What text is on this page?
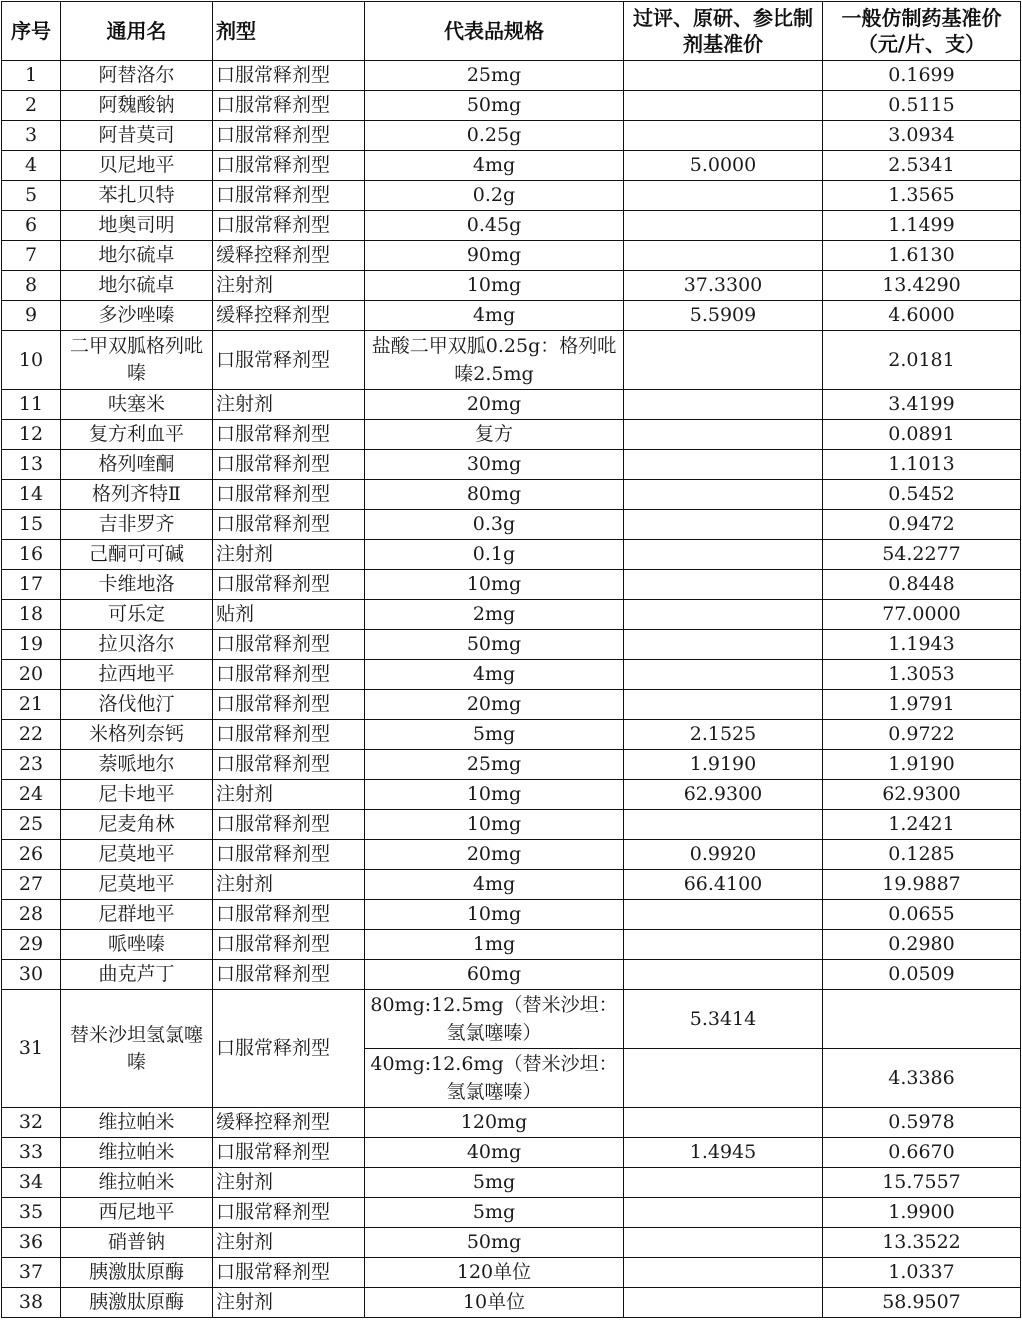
序号	通用名	剂型	代表品规格	过评、原研、参比制剂基准价	一般仿制药基准价（元/片、支）
1	阿替洛尔	口服常释剂型	25mg		0.1699
2	阿魏酸钠	口服常释剂型	50mg		0.5115
3	阿昔莫司	口服常释剂型	0.25g		3.0934
4	贝尼地平	口服常释剂型	4mg	5.0000	2.5341
5	苯扎贝特	口服常释剂型	0.2g		1.3565
6	地奥司明	口服常释剂型	0.45g		1.1499
7	地尔硫卓	缓释控释剂型	90mg		1.6130
8	地尔硫卓	注射剂	10mg	37.3300	13.4290
9	多沙唑嗪	缓释控释剂型	4mg	5.5909	4.6000
10	二甲双胍格列吡嗪	口服常释剂型	盐酸二甲双胍0.25g：格列吡嗪2.5mg		2.0181
11	呋塞米	注射剂	20mg		3.4199
12	复方利血平	口服常释剂型	复方		0.0891
13	格列喹酮	口服常释剂型	30mg		1.1013
14	格列齐特Ⅱ	口服常释剂型	80mg		0.5452
15	吉非罗齐	口服常释剂型	0.3g		0.9472
16	己酮可可碱	注射剂	0.1g		54.2277
17	卡维地洛	口服常释剂型	10mg		0.8448
18	可乐定	贴剂	2mg		77.0000
19	拉贝洛尔	口服常释剂型	50mg		1.1943
20	拉西地平	口服常释剂型	4mg		1.3053
21	洛伐他汀	口服常释剂型	20mg		1.9791
22	米格列奈钙	口服常释剂型	5mg	2.1525	0.9722
23	萘哌地尔	口服常释剂型	25mg	1.9190	1.9190
24	尼卡地平	注射剂	10mg	62.9300	62.9300
25	尼麦角林	口服常释剂型	10mg		1.2421
26	尼莫地平	口服常释剂型	20mg	0.9920	0.1285
27	尼莫地平	注射剂	4mg	66.4100	19.9887
28	尼群地平	口服常释剂型	10mg		0.0655
29	哌唑嗪	口服常释剂型	1mg		0.2980
30	曲克芦丁	口服常释剂型	60mg		0.0509
31	替米沙坦氢氯噻嗪	口服常释剂型	80mg:12.5mg（替米沙坦：氢氯噻嗪）	5.3414	
			40mg:12.6mg（替米沙坦：氢氯噻嗪）		4.3386
32	维拉帕米	缓释控释剂型	120mg		0.5978
33	维拉帕米	口服常释剂型	40mg	1.4945	0.6670
34	维拉帕米	注射剂	5mg		15.7557
35	西尼地平	口服常释剂型	5mg		1.9900
36	硝普钠	注射剂	50mg		13.3522
37	胰激肽原酶	口服常释剂型	120单位		1.0337
38	胰激肽原酶	注射剂	10单位		58.9507
